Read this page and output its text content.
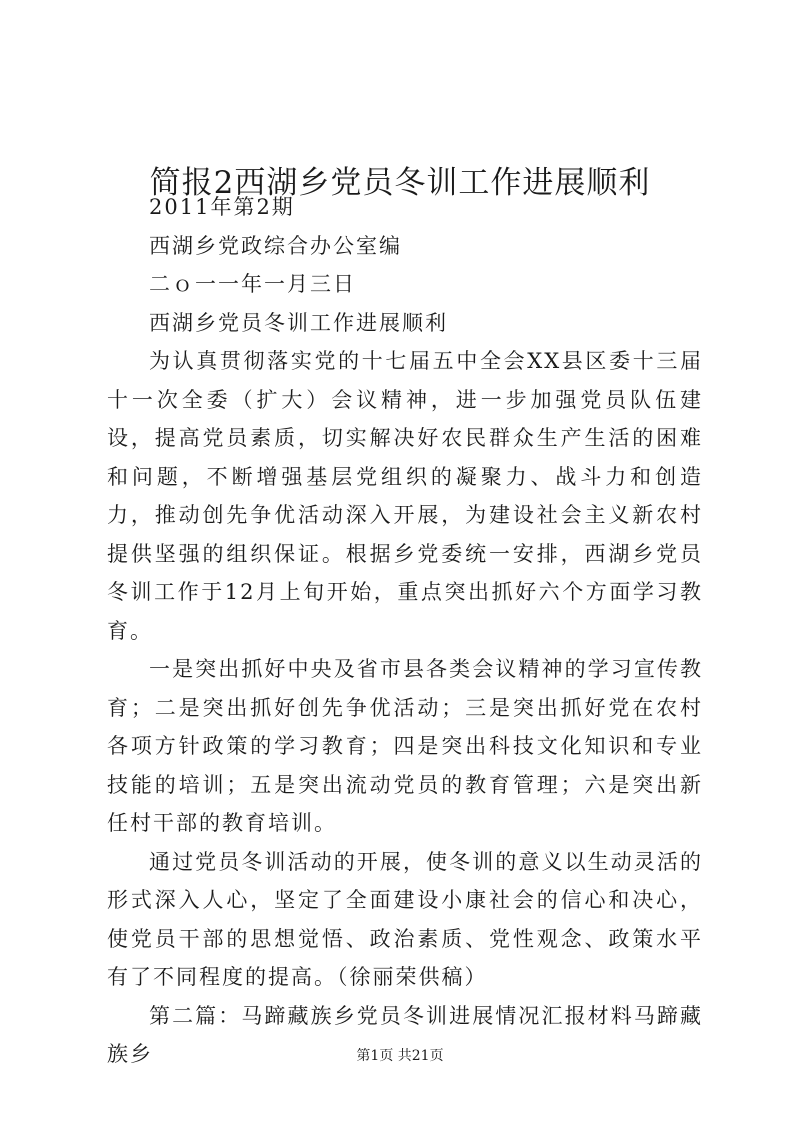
简报2西湖乡党员冬训工作进展顺利

2011年第2期

西湖乡党政综合办公室编

二ｏ一一年一月三日

西湖乡党员冬训工作进展顺利

为认真贯彻落实党的十七届五中全会XX县区委十三届十一次全委（扩大）会议精神，进一步加强党员队伍建设，提高党员素质，切实解决好农民群众生产生活的困难和问题，不断增强基层党组织的凝聚力、战斗力和创造力，推动创先争优活动深入开展，为建设社会主义新农村提供坚强的组织保证。根据乡党委统一安排，西湖乡党员冬训工作于12月上旬开始，重点突出抓好六个方面学习教育。

一是突出抓好中央及省市县各类会议精神的学习宣传教育；二是突出抓好创先争优活动；三是突出抓好党在农村各项方针政策的学习教育；四是突出科技文化知识和专业技能的培训；五是突出流动党员的教育管理；六是突出新任村干部的教育培训。

通过党员冬训活动的开展，使冬训的意义以生动灵活的形式深入人心，坚定了全面建设小康社会的信心和决心，使党员干部的思想觉悟、政治素质、党性观念、政策水平有了不同程度的提高。（徐丽荣供稿）

第二篇：马蹄藏族乡党员冬训进展情况汇报材料马蹄藏族乡	第1页 共21页
